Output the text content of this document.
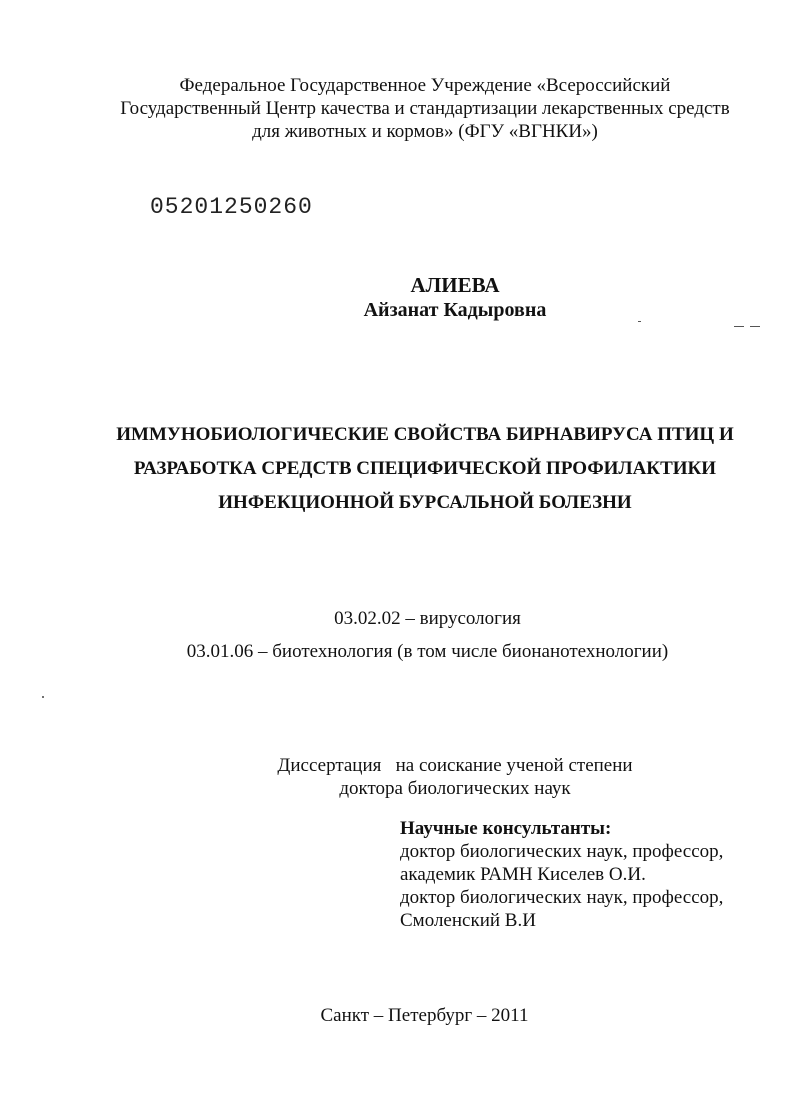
Федеральное Государственное Учреждение «Всероссийский
Государственный Центр качества и стандартизации лекарственных средств
для животных и кормов» (ФГУ «ВГНКИ»)
05201250260
АЛИЕВА
Айзанат Кадыровна
ИММУНОБИОЛОГИЧЕСКИЕ СВОЙСТВА БИРНАВИРУСА ПТИЦ И
РАЗРАБОТКА СРЕДСТВ СПЕЦИФИЧЕСКОЙ ПРОФИЛАКТИКИ
ИНФЕКЦИОННОЙ БУРСАЛЬНОЙ БОЛЕЗНИ
03.02.02 – вирусология
03.01.06 – биотехнология (в том числе бионанотехнологии)
Диссертация   на соискание ученой степени
доктора биологических наук
Научные консультанты:
доктор биологических наук, профессор,
академик РАМН Киселев О.И.
доктор биологических наук, профессор,
Смоленский В.И
Санкт – Петербург – 2011
